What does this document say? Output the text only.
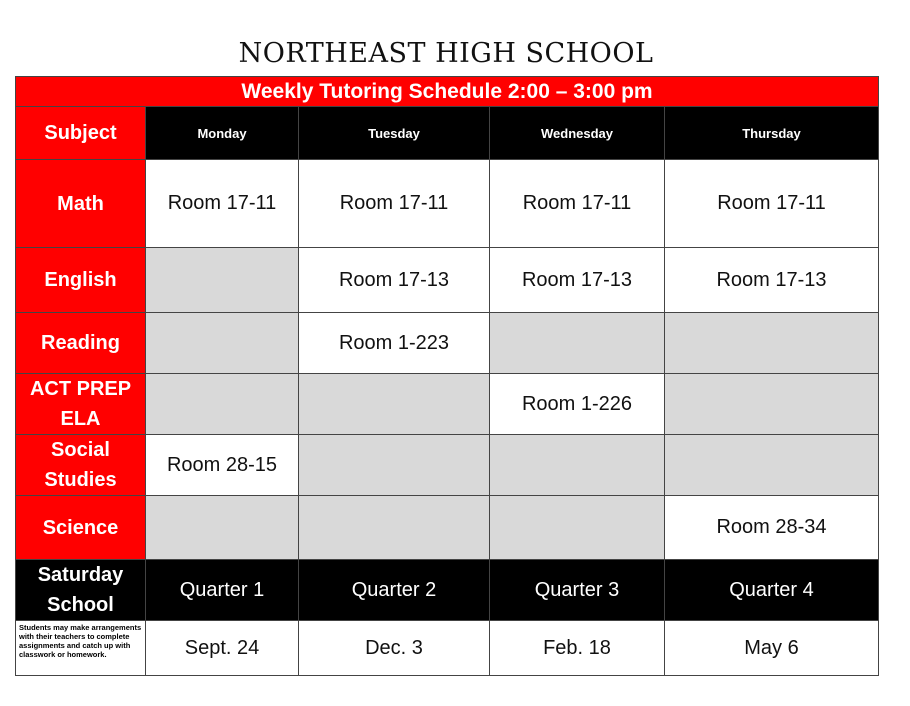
NORTHEAST HIGH SCHOOL
Weekly Tutoring Schedule 2:00 – 3:00 pm				
Subject	Monday	Tuesday	Wednesday	Thursday
Math	Room 17-11	Room 17-11	Room 17-11	Room 17-11
English		Room 17-13	Room 17-13	Room 17-13
Reading		Room 1-223		
ACT PREP ELA			Room 1-226	
Social Studies	Room 28-15			
Science				Room 28-34
Saturday School	Quarter 1	Quarter 2	Quarter 3	Quarter 4
Students may make arrangements with their teachers to complete assignments and catch up with classwork or homework.	Sept. 24	Dec. 3	Feb. 18	May 6
